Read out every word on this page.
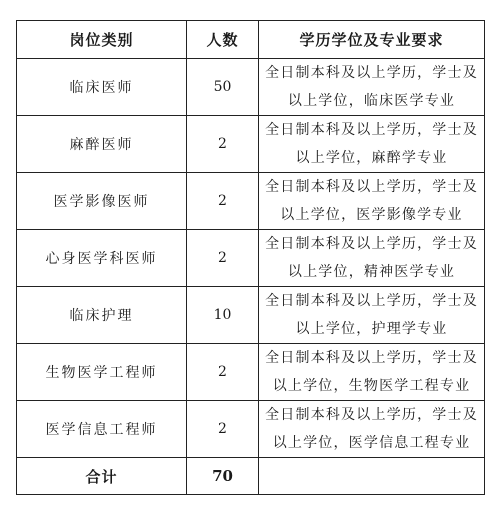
岗位类别	人数	学历学位及专业要求
临床医师	50	全日制本科及以上学历，学士及
以上学位，临床医学专业

麻醉医师	2	全日制本科及以上学历，学士及
以上学位，麻醉学专业

医学影像医师	2	全日制本科及以上学历，学士及
以上学位，医学影像学专业

心身医学科医师	2	全日制本科及以上学历，学士及
以上学位，精神医学专业

临床护理	10	全日制本科及以上学历，学士及
以上学位，护理学专业

生物医学工程师	2	全日制本科及以上学历，学士及
以上学位，生物医学工程专业

医学信息工程师	2	全日制本科及以上学历，学士及
以上学位，医学信息工程专业

合计	70	
